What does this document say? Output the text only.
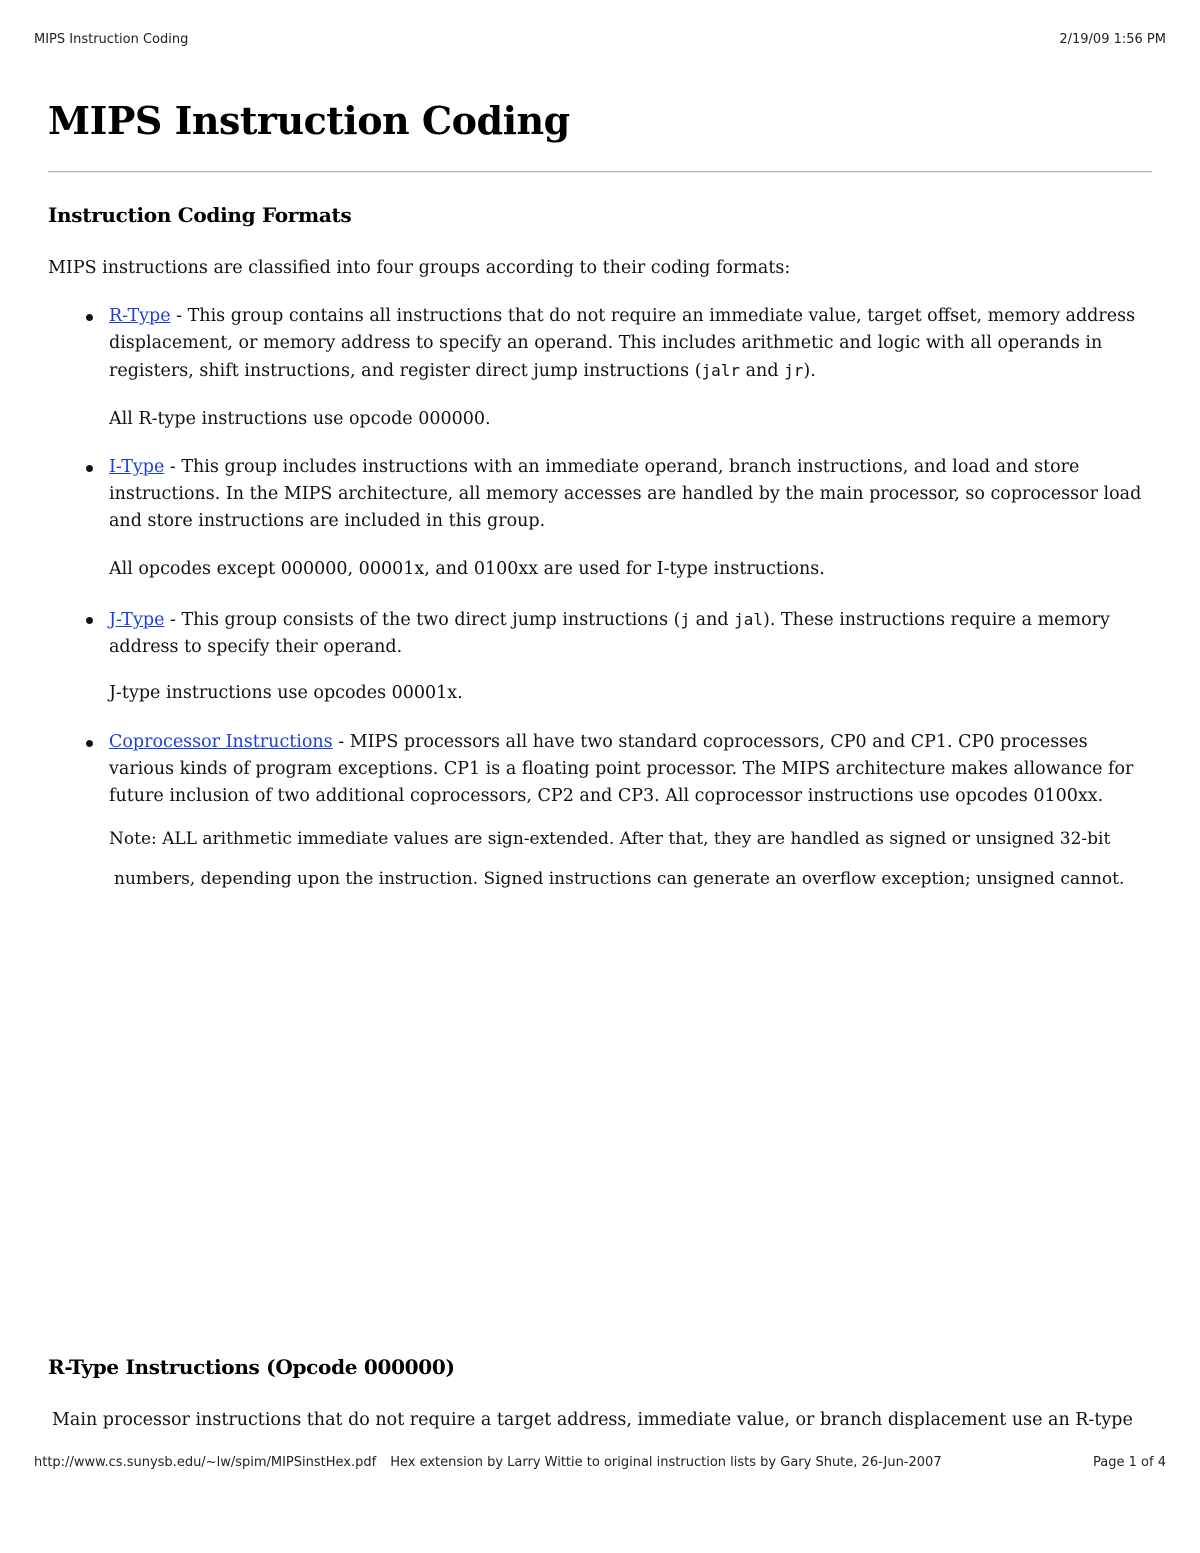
MIPS Instruction Coding	2/19/09 1:56 PM
MIPS Instruction Coding
Instruction Coding Formats

MIPS instructions are classified into four groups according to their coding formats:

R-Type - This group contains all instructions that do not require an immediate value, target offset, memory address displacement, or memory address to specify an operand. This includes arithmetic and logic with all operands in registers, shift instructions, and register direct jump instructions (jalr and jr).
All R-type instructions use opcode 000000.
I-Type - This group includes instructions with an immediate operand, branch instructions, and load and store instructions. In the MIPS architecture, all memory accesses are handled by the main processor, so coprocessor load and store instructions are included in this group.
All opcodes except 000000, 00001x, and 0100xx are used for I-type instructions.
J-Type - This group consists of the two direct jump instructions (j and jal). These instructions require a memory address to specify their operand.
J-type instructions use opcodes 00001x.
Coprocessor Instructions - MIPS processors all have two standard coprocessors, CP0 and CP1. CP0 processes various kinds of program exceptions. CP1 is a floating point processor. The MIPS architecture makes allowance for future inclusion of two additional coprocessors, CP2 and CP3. All coprocessor instructions use opcodes 0100xx.
Note: ALL arithmetic immediate values are sign-extended. After that, they are handled as signed or unsigned 32-bit
numbers, depending upon the instruction. Signed instructions can generate an overflow exception; unsigned cannot.
R-Type Instructions (Opcode 000000)

Main processor instructions that do not require a target address, immediate value, or branch displacement use an R-type

http://www.cs.sunysb.edu/~lw/spim/MIPSinstHex.pdf Hex extension by Larry Wittie to original instruction lists by Gary Shute, 26-Jun-2007	Page 1 of 4
